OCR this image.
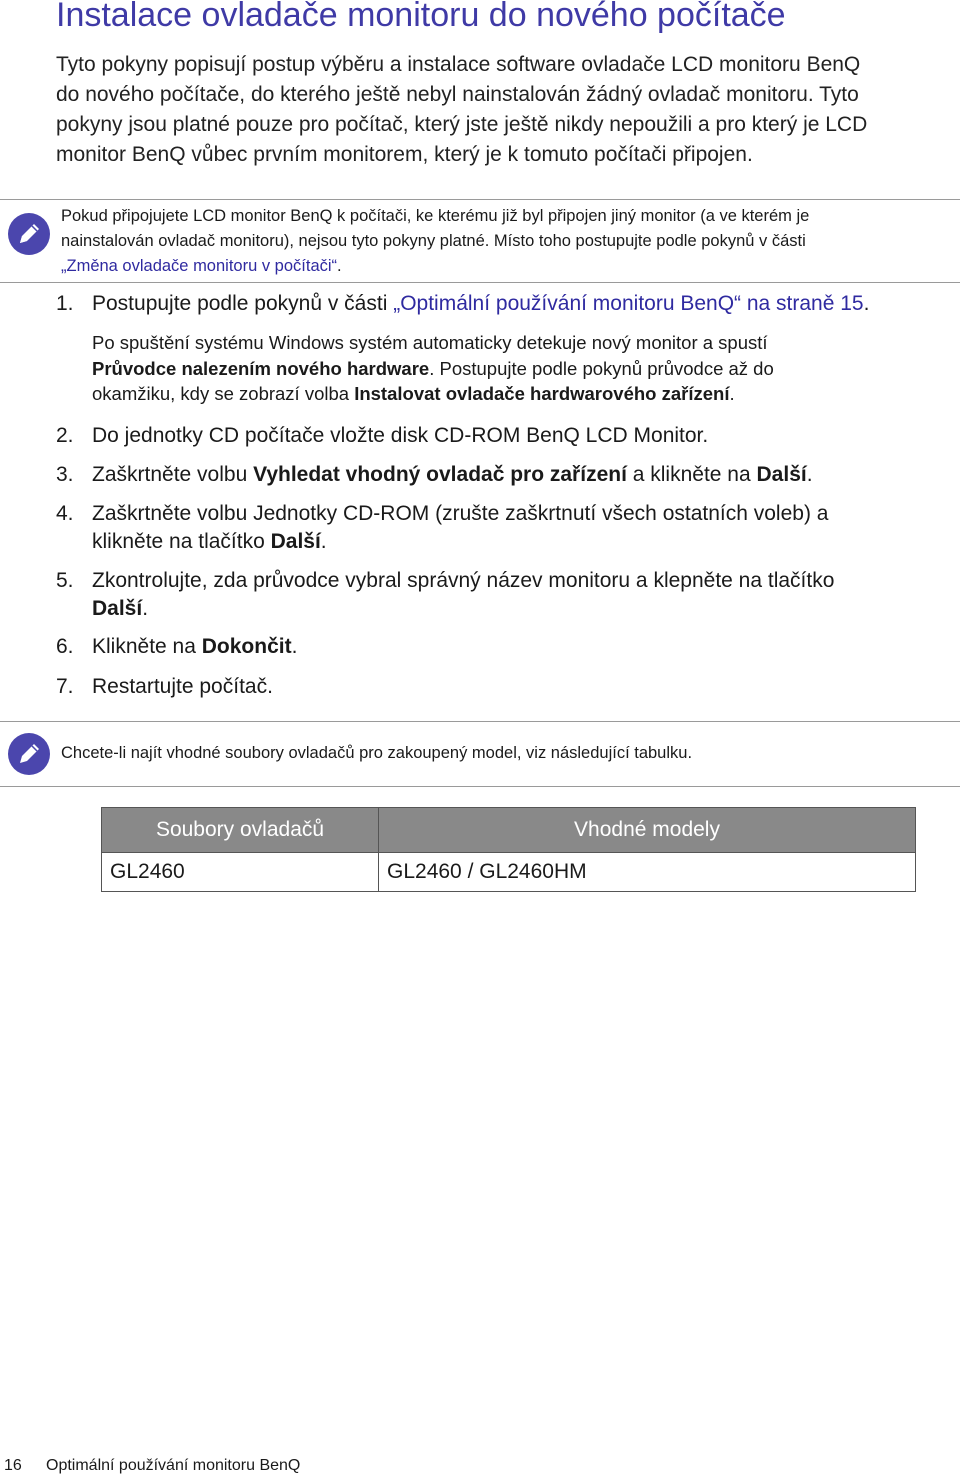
Instalace ovladače monitoru do nového počítače

Tyto pokyny popisují postup výběru a instalace software ovladače LCD monitoru BenQ
do nového počítače, do kterého ještě nebyl nainstalován žádný ovladač monitoru. Tyto
pokyny jsou platné pouze pro počítač, který jste ještě nikdy nepoužili a pro který je LCD
monitor BenQ vůbec prvním monitorem, který je k tomuto počítači připojen.

Pokud připojujete LCD monitor BenQ k počítači, ke kterému již byl připojen jiný monitor (a ve kterém je
nainstalován ovladač monitoru), nejsou tyto pokyny platné. Místo toho postupujte podle pokynů v části
„Změna ovladače monitoru v počítači“.
1. Postupujte podle pokynů v části „Optimální používání monitoru BenQ“ na straně 15.
Po spuštění systému Windows systém automaticky detekuje nový monitor a spustí
Průvodce nalezením nového hardware. Postupujte podle pokynů průvodce až do
okamžiku, kdy se zobrazí volba Instalovat ovladače hardwarového zařízení.
2. Do jednotky CD počítače vložte disk CD-ROM BenQ LCD Monitor.
3. Zaškrtněte volbu Vyhledat vhodný ovladač pro zařízení a klikněte na Další.
4. Zaškrtněte volbu Jednotky CD-ROM (zrušte zaškrtnutí všech ostatních voleb) a
klikněte na tlačítko Další.
5. Zkontrolujte, zda průvodce vybral správný název monitoru a klepněte na tlačítko
Další.
6. Klikněte na Dokončit.
7. Restartujte počítač.
Chcete-li najít vhodné soubory ovladačů pro zakoupený model, viz následující tabulku.
Soubory ovladačů	Vhodné modely
GL2460	GL2460 / GL2460HM
16 Optimální používání monitoru BenQ
